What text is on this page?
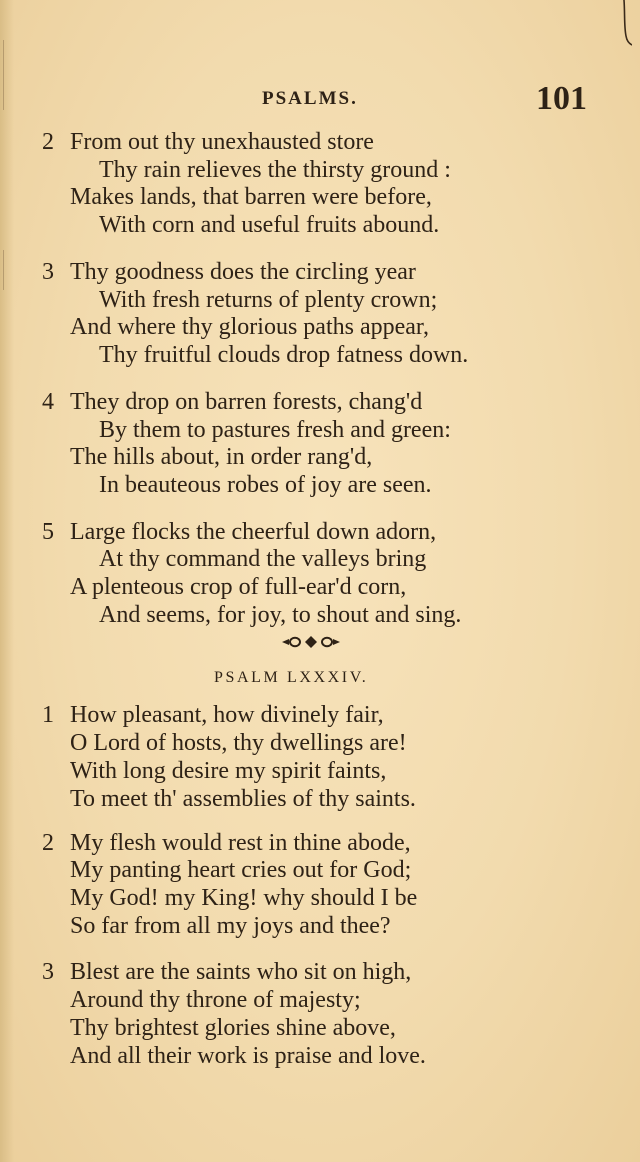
PSALMS.	101
2 From out thy unexhausted store
Thy rain relieves the thirsty ground :
Makes lands, that barren were before,
With corn and useful fruits abound.
3 Thy goodness does the circling year
With fresh returns of plenty crown;
And where thy glorious paths appear,
Thy fruitful clouds drop fatness down.
4 They drop on barren forests, chang'd
By them to pastures fresh and green:
The hills about, in order rang'd,
In beauteous robes of joy are seen.
5 Large flocks the cheerful down adorn,
At thy command the valleys bring
A plenteous crop of full-ear'd corn,
And seems, for joy, to shout and sing.
PSALM LXXXIV.
1 How pleasant, how divinely fair,
O Lord of hosts, thy dwellings are!
With long desire my spirit faints,
To meet th' assemblies of thy saints.
2 My flesh would rest in thine abode,
My panting heart cries out for God;
My God! my King! why should I be
So far from all my joys and thee?
3 Blest are the saints who sit on high,
Around thy throne of majesty;
Thy brightest glories shine above,
And all their work is praise and love.
